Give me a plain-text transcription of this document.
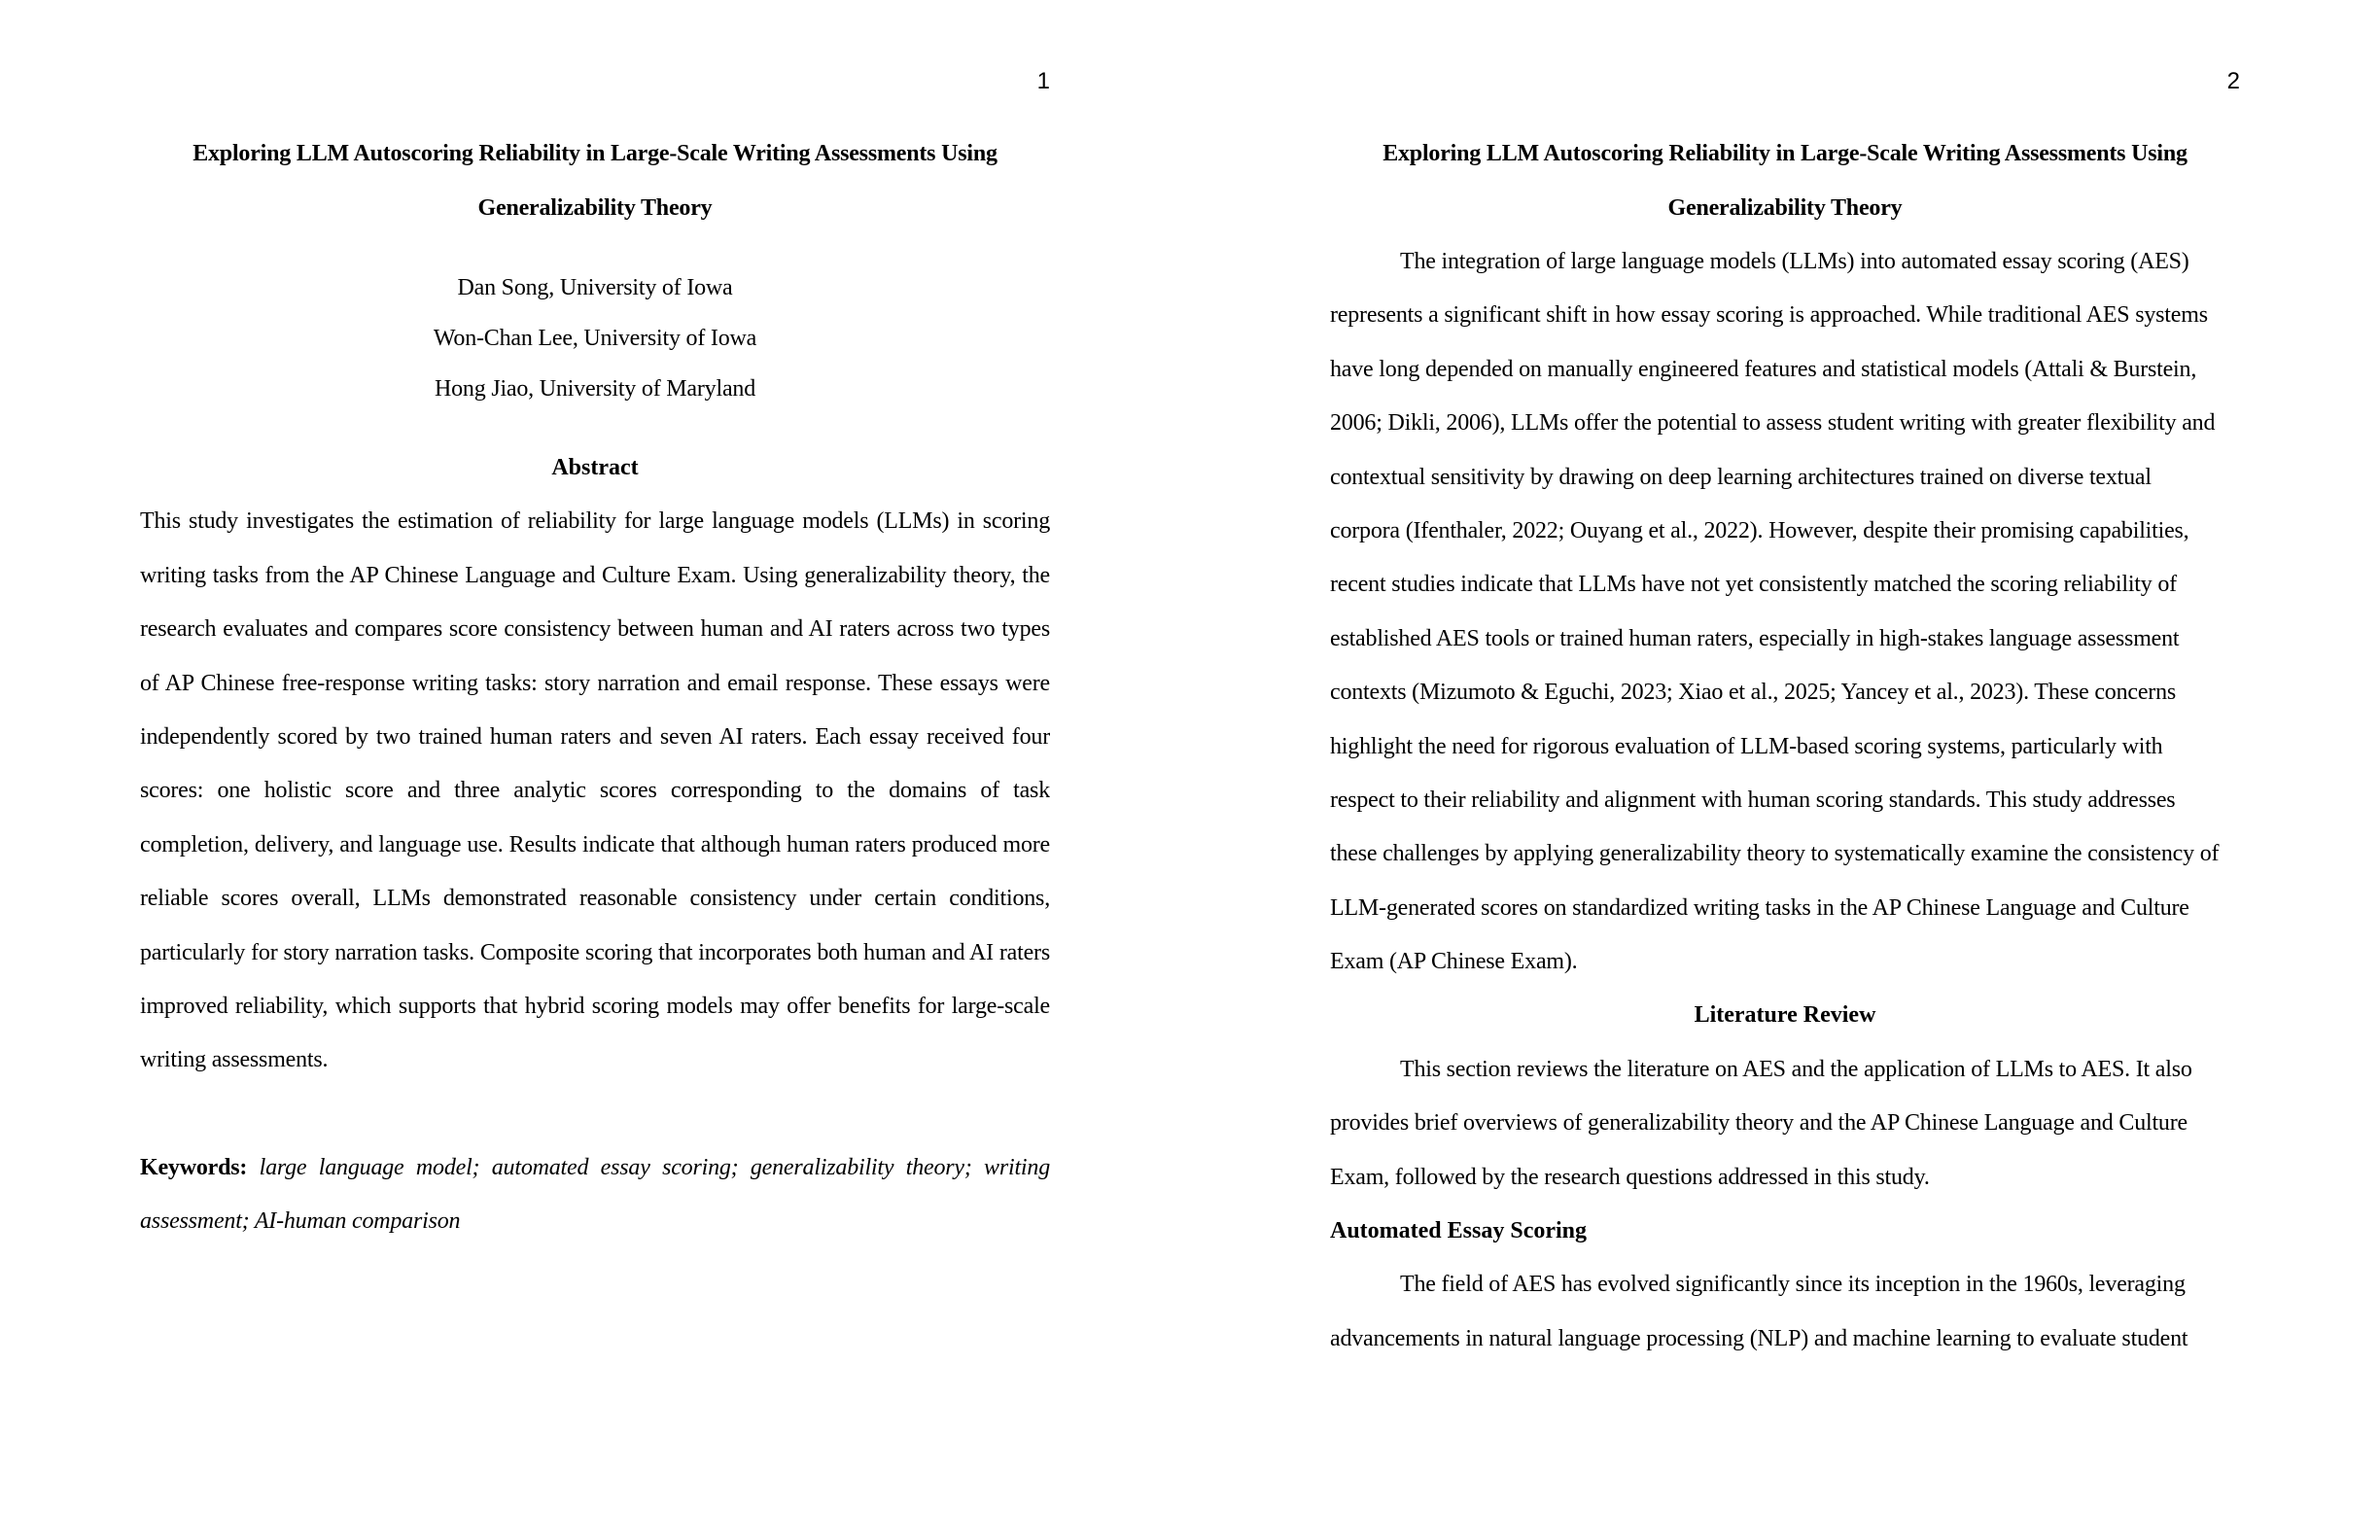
1
Exploring LLM Autoscoring Reliability in Large-Scale Writing Assessments Using
Generalizability Theory
Dan Song, University of Iowa
Won-Chan Lee, University of Iowa
Hong Jiao, University of Maryland
Abstract
This study investigates the estimation of reliability for large language models (LLMs) in scoring
writing tasks from the AP Chinese Language and Culture Exam. Using generalizability theory, the
research evaluates and compares score consistency between human and AI raters across two types
of AP Chinese free-response writing tasks: story narration and email response. These essays were
independently scored by two trained human raters and seven AI raters. Each essay received four
scores: one holistic score and three analytic scores corresponding to the domains of task
completion, delivery, and language use. Results indicate that although human raters produced more
reliable scores overall, LLMs demonstrated reasonable consistency under certain conditions,
particularly for story narration tasks. Composite scoring that incorporates both human and AI raters
improved reliability, which supports that hybrid scoring models may offer benefits for large-scale
writing assessments.
Keywords: large language model; automated essay scoring; generalizability theory; writing
assessment; AI-human comparison
2
Exploring LLM Autoscoring Reliability in Large-Scale Writing Assessments Using
Generalizability Theory
The integration of large language models (LLMs) into automated essay scoring (AES)
represents a significant shift in how essay scoring is approached. While traditional AES systems
have long depended on manually engineered features and statistical models (Attali & Burstein,
2006; Dikli, 2006), LLMs offer the potential to assess student writing with greater flexibility and
contextual sensitivity by drawing on deep learning architectures trained on diverse textual
corpora (Ifenthaler, 2022; Ouyang et al., 2022). However, despite their promising capabilities,
recent studies indicate that LLMs have not yet consistently matched the scoring reliability of
established AES tools or trained human raters, especially in high-stakes language assessment
contexts (Mizumoto & Eguchi, 2023; Xiao et al., 2025; Yancey et al., 2023). These concerns
highlight the need for rigorous evaluation of LLM-based scoring systems, particularly with
respect to their reliability and alignment with human scoring standards. This study addresses
these challenges by applying generalizability theory to systematically examine the consistency of
LLM-generated scores on standardized writing tasks in the AP Chinese Language and Culture
Exam (AP Chinese Exam).
Literature Review
This section reviews the literature on AES and the application of LLMs to AES. It also
provides brief overviews of generalizability theory and the AP Chinese Language and Culture
Exam, followed by the research questions addressed in this study.
Automated Essay Scoring
The field of AES has evolved significantly since its inception in the 1960s, leveraging
advancements in natural language processing (NLP) and machine learning to evaluate student
